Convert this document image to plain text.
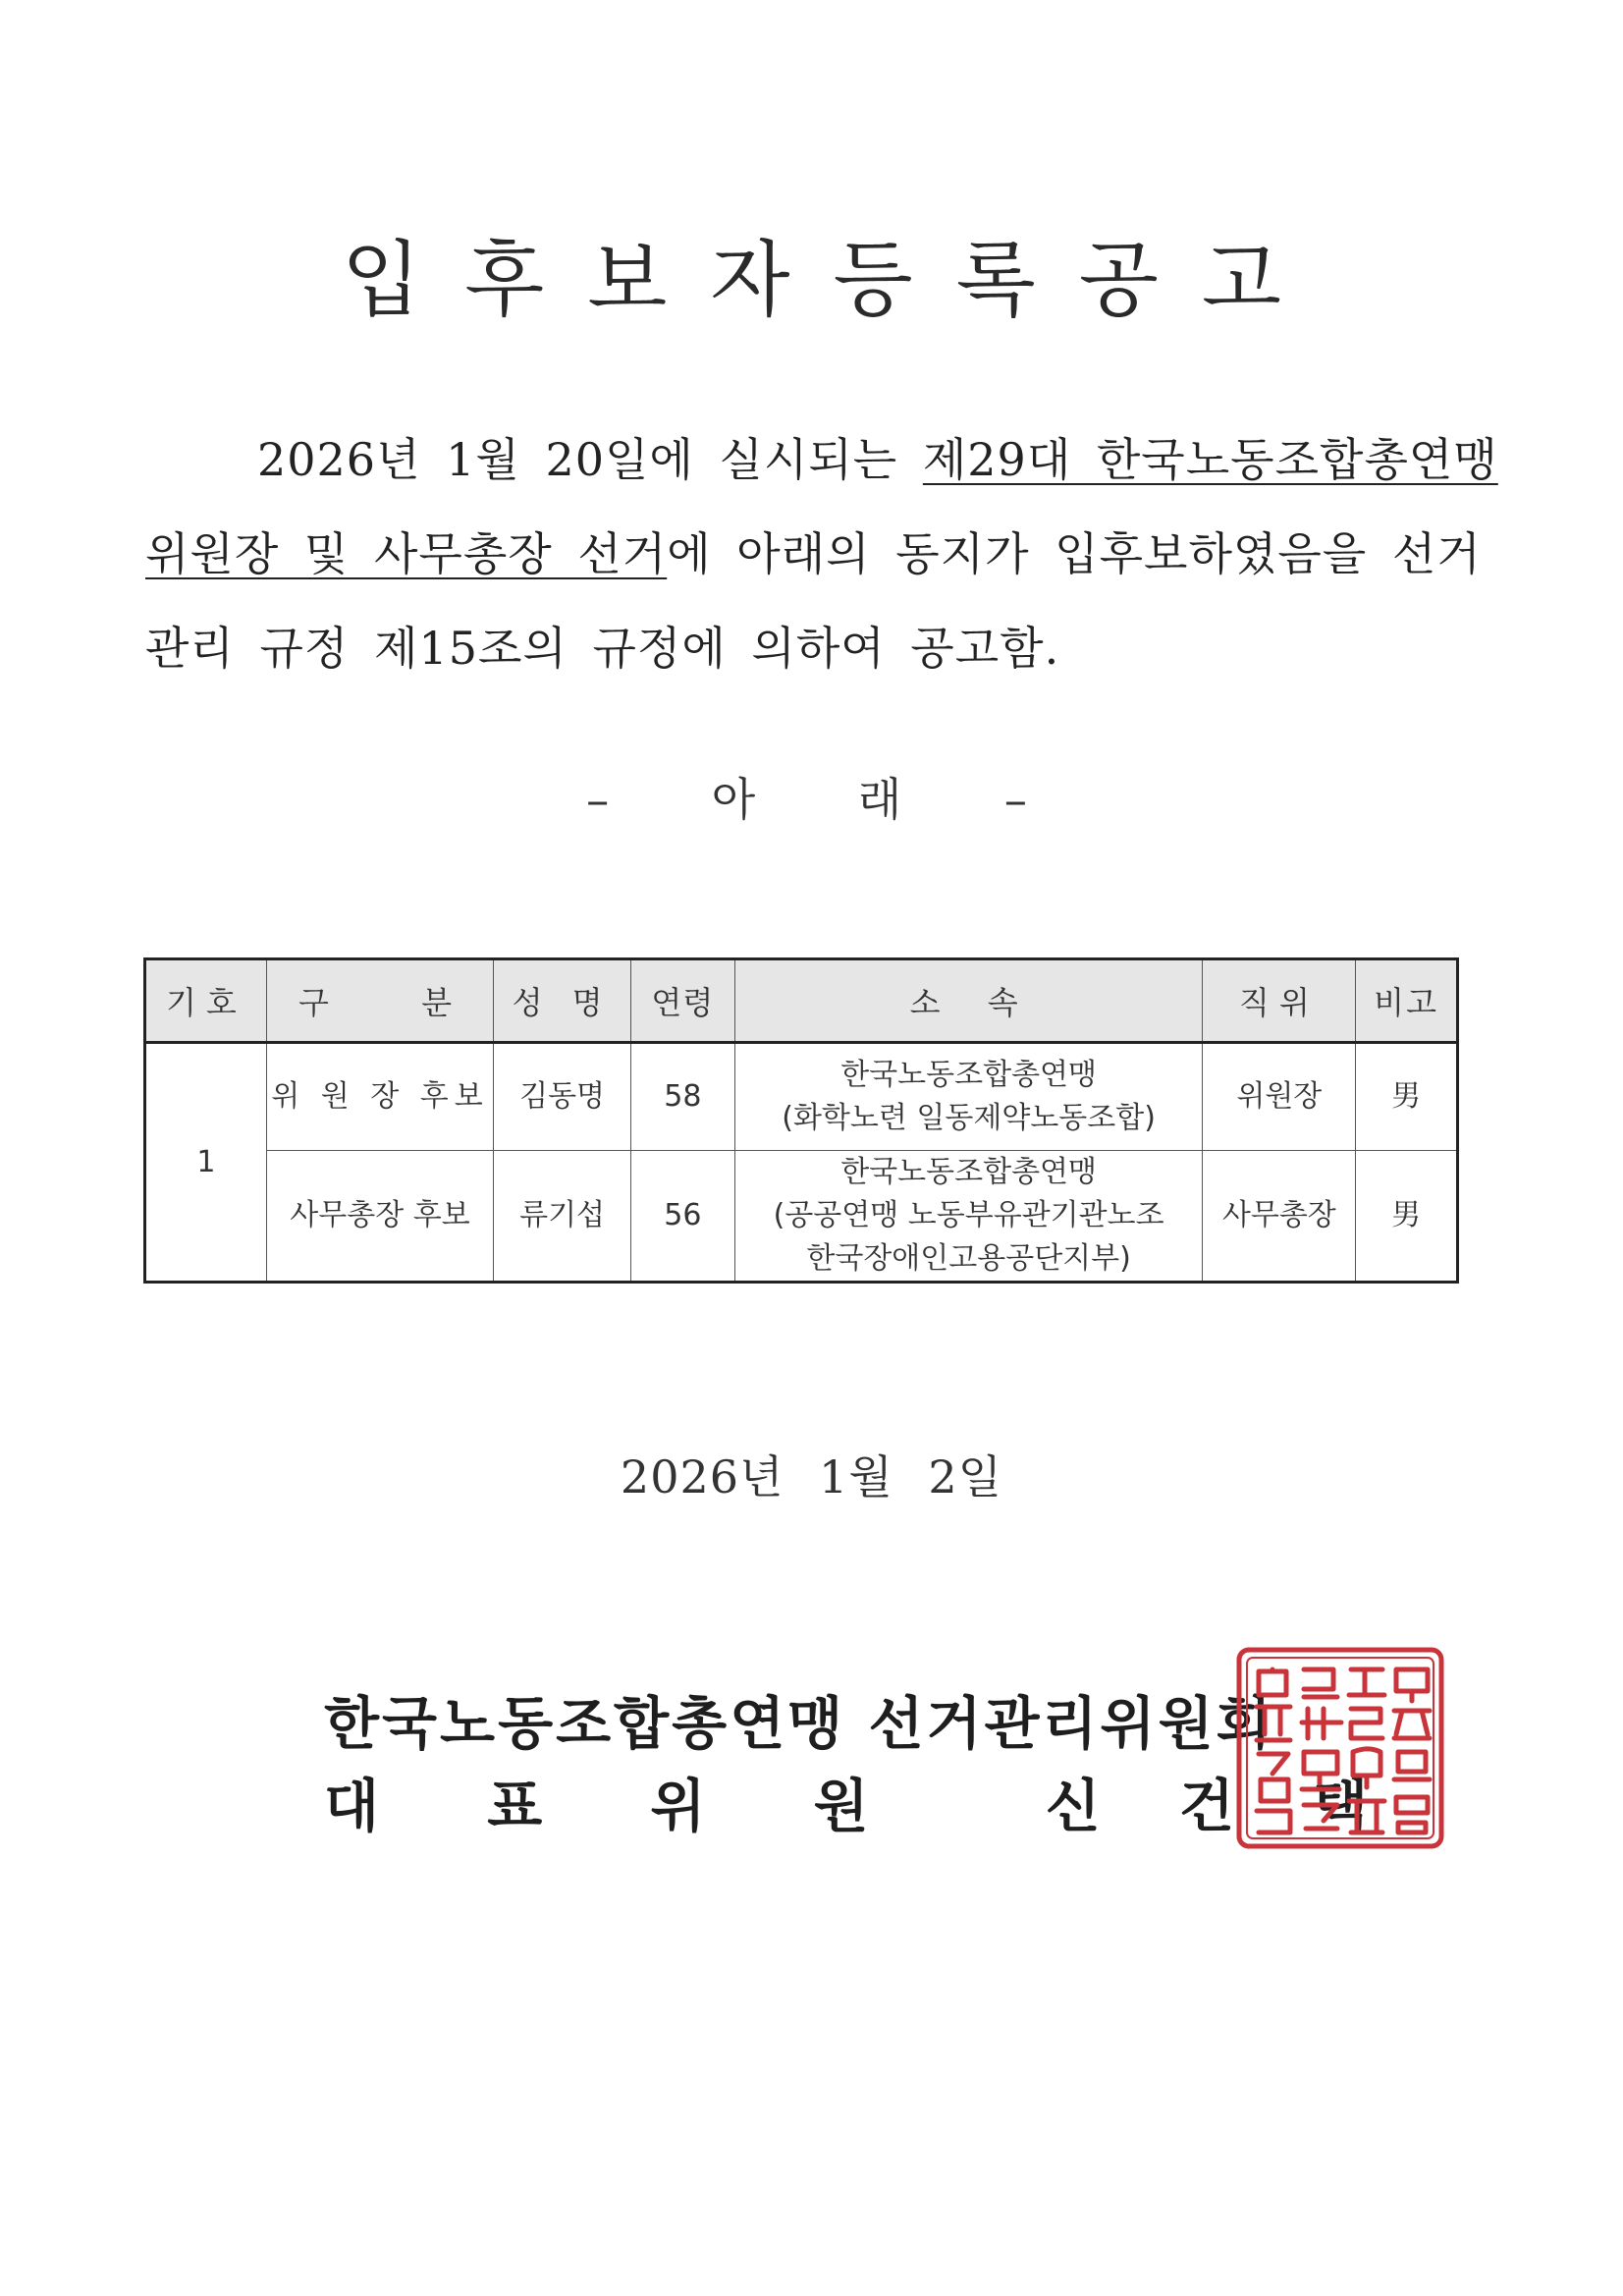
입후보자등록공고
2026년 1월 20일에 실시되는 제29대 한국노동조합총연맹
위원장 및 사무총장 선거에 아래의 동지가 입후보하였음을 선거
관리 규정 제15조의 규정에 의하여 공고함.
– 아 래 –
기호	구 분	성 명	연령	소 속	직위	비고
1	위 원 장 후보	김동명	58	한국노동조합총연맹
(화학노련 일동제약노동조합)	위원장	男
	사무총장 후보	류기섭	56	한국노동조합총연맹
(공공연맹 노동부유관기관노조
한국장애인고용공단지부)	사무총장	男
2026년 1월 2일
한국노동조합총연맹 선거관리위원회
대 표 위 원	신 건 택
